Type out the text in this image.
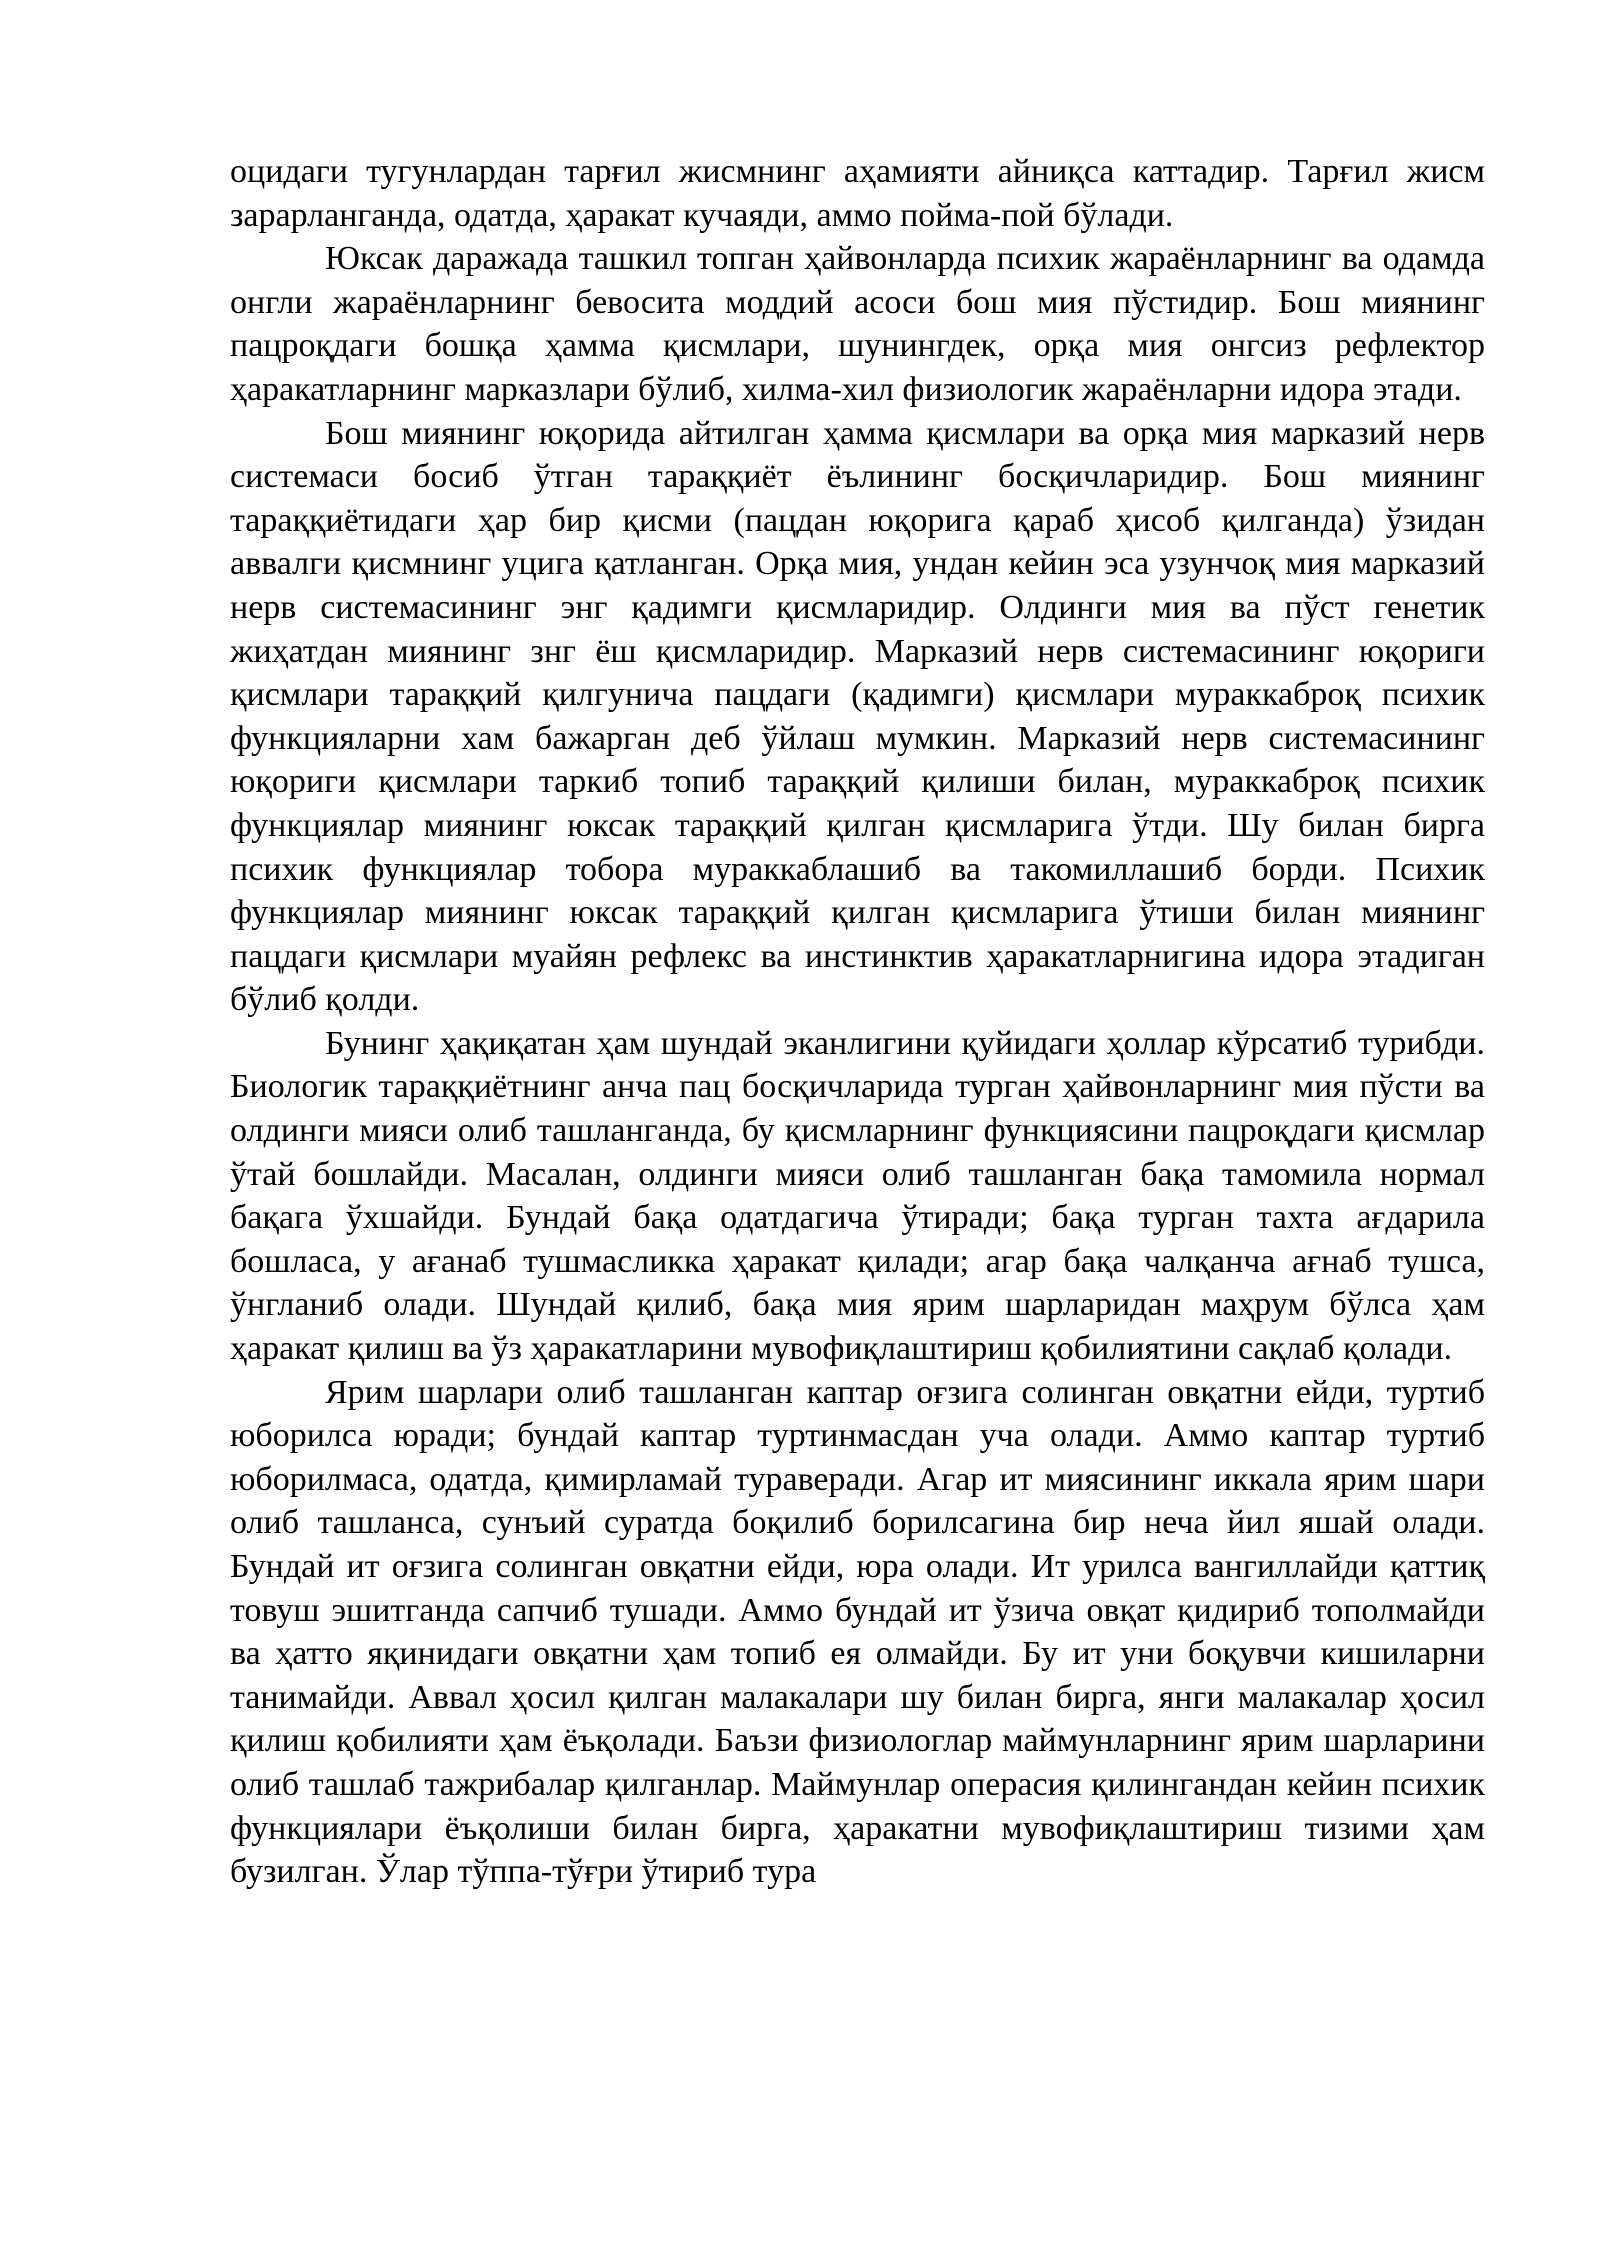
оцидаги тугунлардан тарғил жисмнинг аҳамияти айниқса каттадир. Тарғил жисм зарарланганда, одатда, ҳаракат кучаяди, аммо пойма-пой бўлади.

Юксак даражада ташкил топган ҳайвонларда психик жараёнларнинг ва одамда онгли жараёнларнинг бевосита моддий асоси бош мия пўстидир. Бош миянинг пацроқдаги бошқа ҳамма қисмлари, шунингдек, орқа мия онгсиз рефлектор ҳаракатларнинг марказлари бўлиб, хилма-хил физиологик жараёнларни идора этади.

Бош миянинг юқорида айтилган ҳамма қисмлари ва орқа мия марказий нерв системаси босиб ўтган тараққиёт ёълининг босқичларидир. Бош миянинг тараққиётидаги ҳар бир қисми (пацдан юқорига қараб ҳисоб қилганда) ўзидан аввалги қисмнинг уцига қатланган. Орқа мия, ундан кейин эса узунчоқ мия марказий нерв системасининг энг қадимги қисмларидир. Олдинги мия ва пўст генетик жиҳатдан миянинг знг ёш қисмларидир. Марказий нерв системасининг юқориги қисмлари тараққий қилгунича пацдаги (қадимги) қисмлари мураккаброқ психик функцияларни хам бажарган деб ўйлаш мумкин. Марказий нерв системасининг юқориги қисмлари таркиб топиб тараққий қилиши билан, мураккаброқ психик функциялар миянинг юксак тараққий қилган қисмларига ўтди. Шу билан бирга психик функциялар тобора мураккаблашиб ва такомиллашиб борди. Психик функциялар миянинг юксак тараққий қилган қисмларига ўтиши билан миянинг пацдаги қисмлари муайян рефлекс ва инстинктив ҳаракатларнигина идора этадиган бўлиб қолди.

Бунинг ҳақиқатан ҳам шундай эканлигини қуйидаги ҳоллар кўрсатиб турибди. Биологик тараққиётнинг анча пац босқичларида турган ҳайвонларнинг мия пўсти ва олдинги мияси олиб ташланганда, бу қисмларнинг функциясини пацроқдаги қисмлар ўтай бошлайди. Масалан, олдинги мияси олиб ташланган бақа тамомила нормал бақага ўхшайди. Бундай бақа одатдагича ўтиради; бақа турган тахта ағдарила бошласа, у ағанаб тушмасликка ҳаракат қилади; агар бақа чалқанча ағнаб тушса, ўнгланиб олади. Шундай қилиб, бақа мия ярим шарларидан маҳрум бўлса ҳам ҳаракат қилиш ва ўз ҳаракатларини мувофиқлаштириш қобилиятини сақлаб қолади.

Ярим шарлари олиб ташланган каптар оғзига солинган овқатни ейди, туртиб юборилса юради; бундай каптар туртинмасдан уча олади. Аммо каптар туртиб юборилмаса, одатда, қимирламай тураверади. Агар ит миясининг иккала ярим шари олиб ташланса, сунъий суратда боқилиб борилсагина бир неча йил яшай олади. Бундай ит оғзига солинган овқатни ейди, юра олади. Ит урилса вангиллайди қаттиқ товуш эшитганда сапчиб тушади. Аммо бундай ит ўзича овқат қидириб тополмайди ва ҳатто яқинидаги овқатни ҳам топиб ея олмайди. Бу ит уни боқувчи кишиларни танимайди. Аввал ҳосил қилган малакалари шу билан бирга, янги малакалар ҳосил қилиш қобилияти ҳам ёъқолади. Баъзи физиологлар маймунларнинг ярим шарларини олиб ташлаб тажрибалар қилганлар. Маймунлар операсия қилингандан кейин психик функциялари ёъқолиши билан бирга, ҳаракатни мувофиқлаштириш тизими ҳам бузилган. Ўлар тўппа-тўғри ўтириб тура
